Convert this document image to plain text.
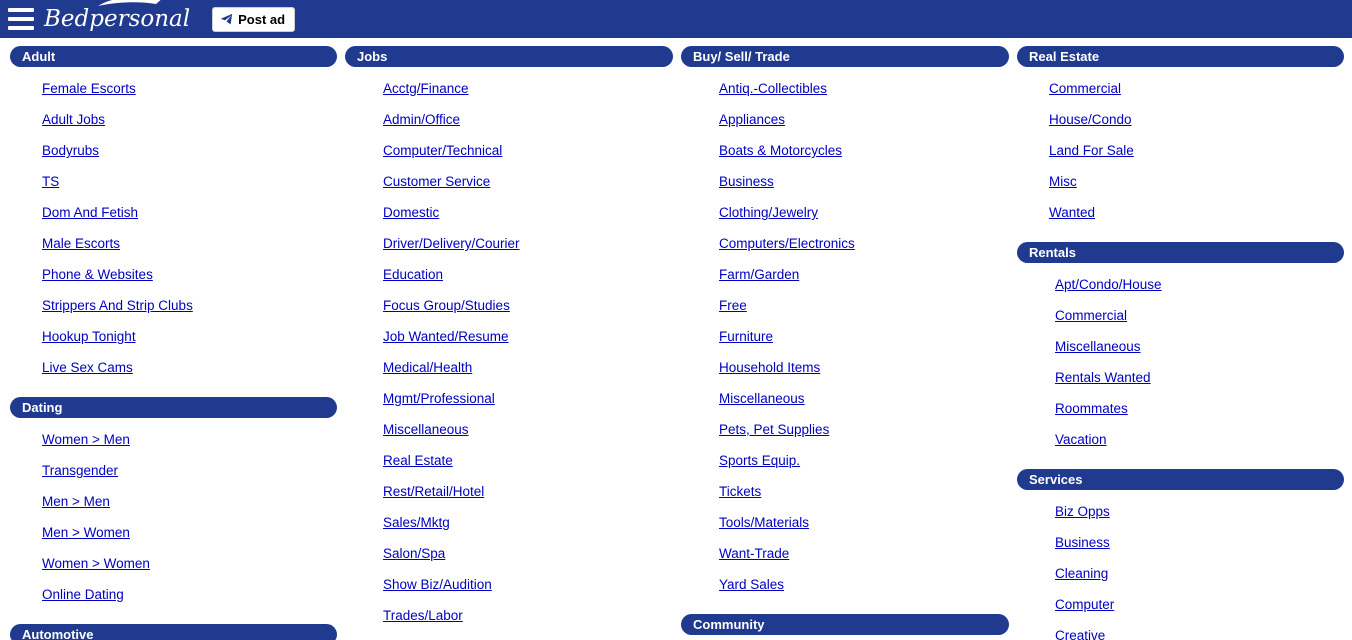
Bedpersonal	Post ad
Adult
Female Escorts
Adult Jobs
Bodyrubs
TS
Dom And Fetish
Male Escorts
Phone & Websites
Strippers And Strip Clubs
Hookup Tonight
Live Sex Cams
Dating
Women > Men
Transgender
Men > Men
Men > Women
Women > Women
Online Dating
Automotive
Jobs
Acctg/Finance
Admin/Office
Computer/Technical
Customer Service
Domestic
Driver/Delivery/Courier
Education
Focus Group/Studies
Job Wanted/Resume
Medical/Health
Mgmt/Professional
Miscellaneous
Real Estate
Rest/Retail/Hotel
Sales/Mktg
Salon/Spa
Show Biz/Audition
Trades/Labor
Buy/ Sell/ Trade
Antiq.-Collectibles
Appliances
Boats & Motorcycles
Business
Clothing/Jewelry
Computers/Electronics
Farm/Garden
Free
Furniture
Household Items
Miscellaneous
Pets, Pet Supplies
Sports Equip.
Tickets
Tools/Materials
Want-Trade
Yard Sales
Community
Real Estate
Commercial
House/Condo
Land For Sale
Misc
Wanted
Rentals
Apt/Condo/House
Commercial
Miscellaneous
Rentals Wanted
Roommates
Vacation
Services
Biz Opps
Business
Cleaning
Computer
Creative
